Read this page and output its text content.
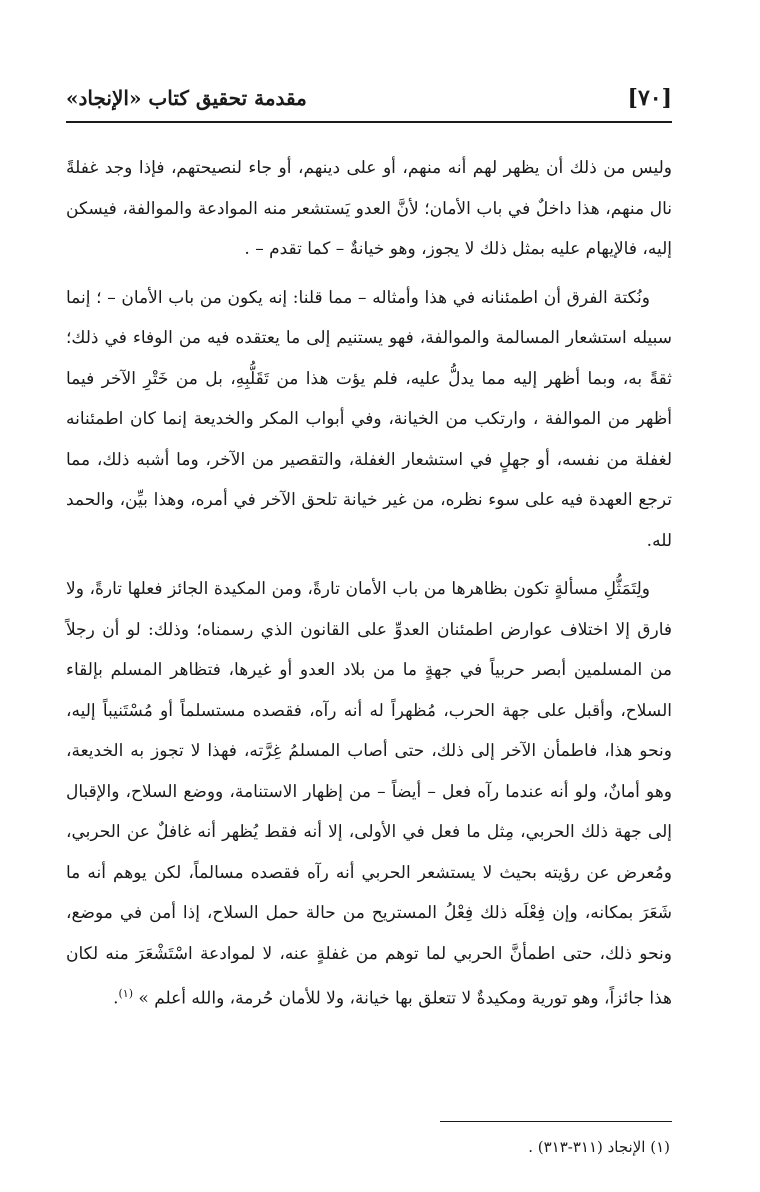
[٧٠]
مقدمة تحقيق كتاب «الإنجاد»

وليس من ذلك أن يظهر لهم أنه منهم، أو على دينهم، أو جاء لنصيحتهم، فإذا وجد غفلةً نال منهم، هذا داخلٌ في باب الأمان؛ لأنَّ العدو يَستشعر منه الموادعة والموالفة، فيسكن إليه، فالإيهام عليه بمثل ذلك لا يجوز، وهو خيانةٌ – كما تقدم – .

ونُكتة الفرق أن اطمئنانه في هذا وأمثاله – مما قلنا: إنه يكون من باب الأمان – ؛ إنما سبيله استشعار المسالمة والموالفة، فهو يستنيم إلى ما يعتقده فيه من الوفاء في ذلك؛ ثقةً به، وبما أظهر إليه مما يدلُّ عليه، فلم يؤت هذا من تَقَلُّبِهِ، بل من خَتْرِ الآخر فيما أظهر من الموالفة ، وارتكب من الخيانة، وفي أبواب المكر والخديعة إنما كان اطمئنانه لغفلة من نفسه، أو جهلٍ في استشعار الغفلة، والتقصير من الآخر، وما أشبه ذلك، مما ترجع العهدة فيه على سوء نظره، من غير خيانة تلحق الآخر في أمره، وهذا بيِّن، والحمد لله.

ولِتَمَثُّلِ مسألةٍ تكون بظاهرها من باب الأمان تارةً، ومن المكيدة الجائز فعلها تارةً، ولا فارق إلا اختلاف عوارض اطمئنان العدوِّ على القانون الذي رسمناه؛ وذلك: لو أن رجلاً من المسلمين أبصر حربياً في جهةٍ ما من بلاد العدو أو غيرها، فتظاهر المسلم بإلقاء السلاح، وأقبل على جهة الحرب، مُظهراً له أنه رآه، فقصده مستسلماً أو مُسْتَنيباً إليه، ونحو هذا، فاطمأن الآخر إلى ذلك، حتى أصاب المسلمُ غِرَّته، فهذا لا تجوز به الخديعة، وهو أمانٌ، ولو أنه عندما رآه فعل – أيضاً – من إظهار الاستنامة، ووضع السلاح، والإقبال إلى جهة ذلك الحربي، مِثل ما فعل في الأولى، إلا أنه فقط يُظهر أنه غافلٌ عن الحربي، ومُعرض عن رؤيته بحيث لا يستشعر الحربي أنه رآه فقصده مسالماً، لكن يوهم أنه ما شَعَرَ بمكانه، وإن فِعْلَه ذلك فِعْلُ المستريح من حالة حمل السلاح، إذا أمن في موضع، ونحو ذلك، حتى اطمأنَّ الحربي لما توهم من غفلةٍ عنه، لا لموادعة اسْتَشْعَرَ منه لكان هذا جائزاً، وهو تورية ومكيدةٌ لا تتعلق بها خيانة، ولا للأمان حُرمة، والله أعلم » $^{(١)}$.

(١) الإنجاد (٣١١-٣١٣) .
